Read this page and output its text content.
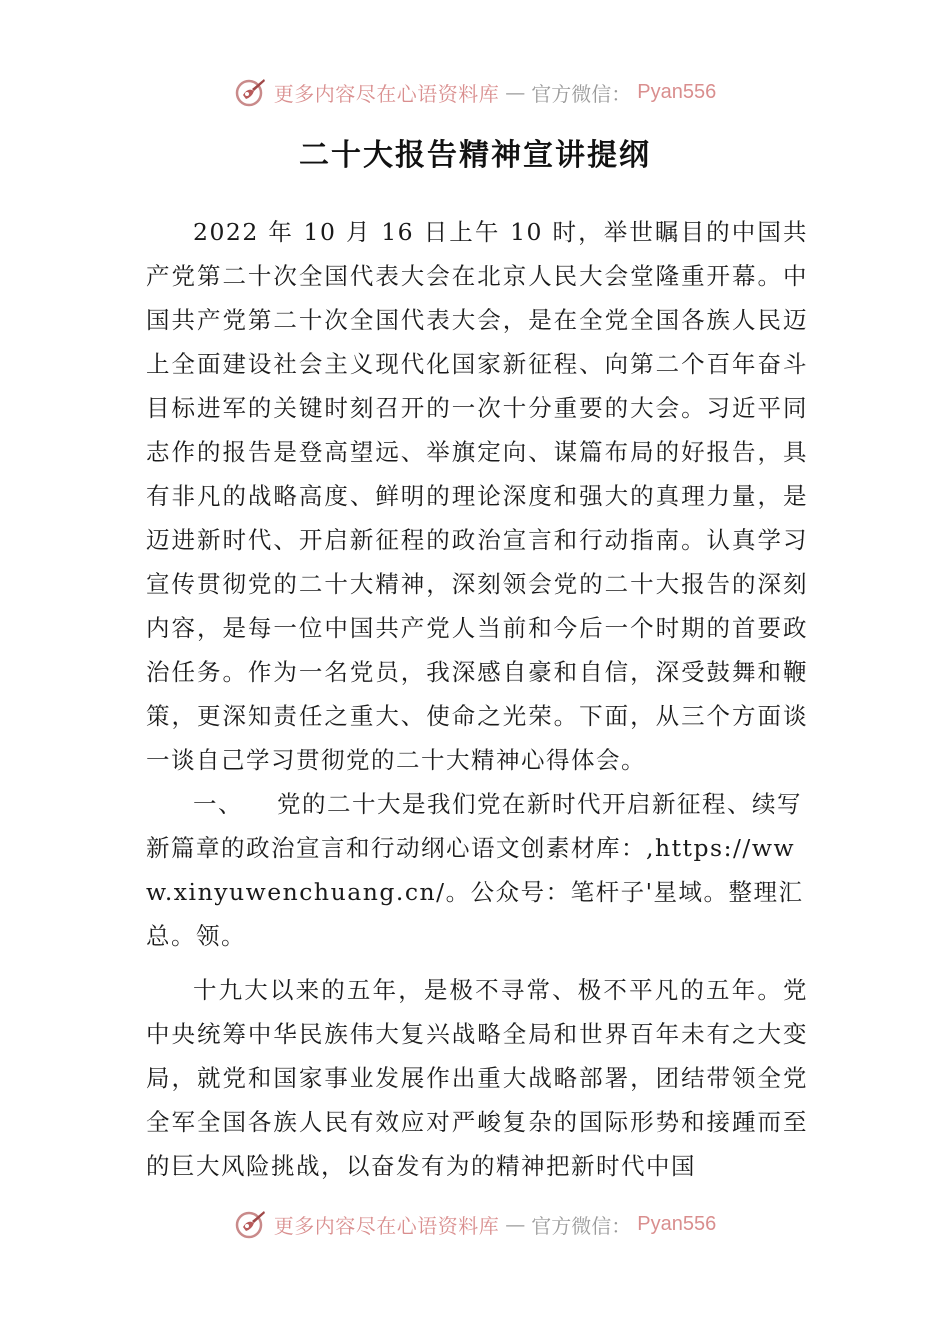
更多内容尽在心语资料库 — 官方微信： Pyan556
二十大报告精神宣讲提纲

2022 年 10 月 16 日上午 10 时，举世瞩目的中国共产党第二十次全国代表大会在北京人民大会堂隆重开幕。中国共产党第二十次全国代表大会，是在全党全国各族人民迈上全面建设社会主义现代化国家新征程、向第二个百年奋斗目标进军的关键时刻召开的一次十分重要的大会。习近平同志作的报告是登高望远、举旗定向、谋篇布局的好报告，具有非凡的战略高度、鲜明的理论深度和强大的真理力量，是迈进新时代、开启新征程的政治宣言和行动指南。认真学习宣传贯彻党的二十大精神，深刻领会党的二十大报告的深刻内容，是每一位中国共产党人当前和今后一个时期的首要政治任务。作为一名党员，我深感自豪和自信，深受鼓舞和鞭策，更深知责任之重大、使命之光荣。下面，从三个方面谈一谈自己学习贯彻党的二十大精神心得体会。

一、 党的二十大是我们党在新时代开启新征程、续写新篇章的政治宣言和行动纲心语文创素材库：,https://www.xinyuwenchuang.cn/。公众号：笔杆子'星域。整理汇总。领。

十九大以来的五年，是极不寻常、极不平凡的五年。党中央统筹中华民族伟大复兴战略全局和世界百年未有之大变局，就党和国家事业发展作出重大战略部署，团结带领全党全军全国各族人民有效应对严峻复杂的国际形势和接踵而至的巨大风险挑战，以奋发有为的精神把新时代中国

更多内容尽在心语资料库 — 官方微信： Pyan556
